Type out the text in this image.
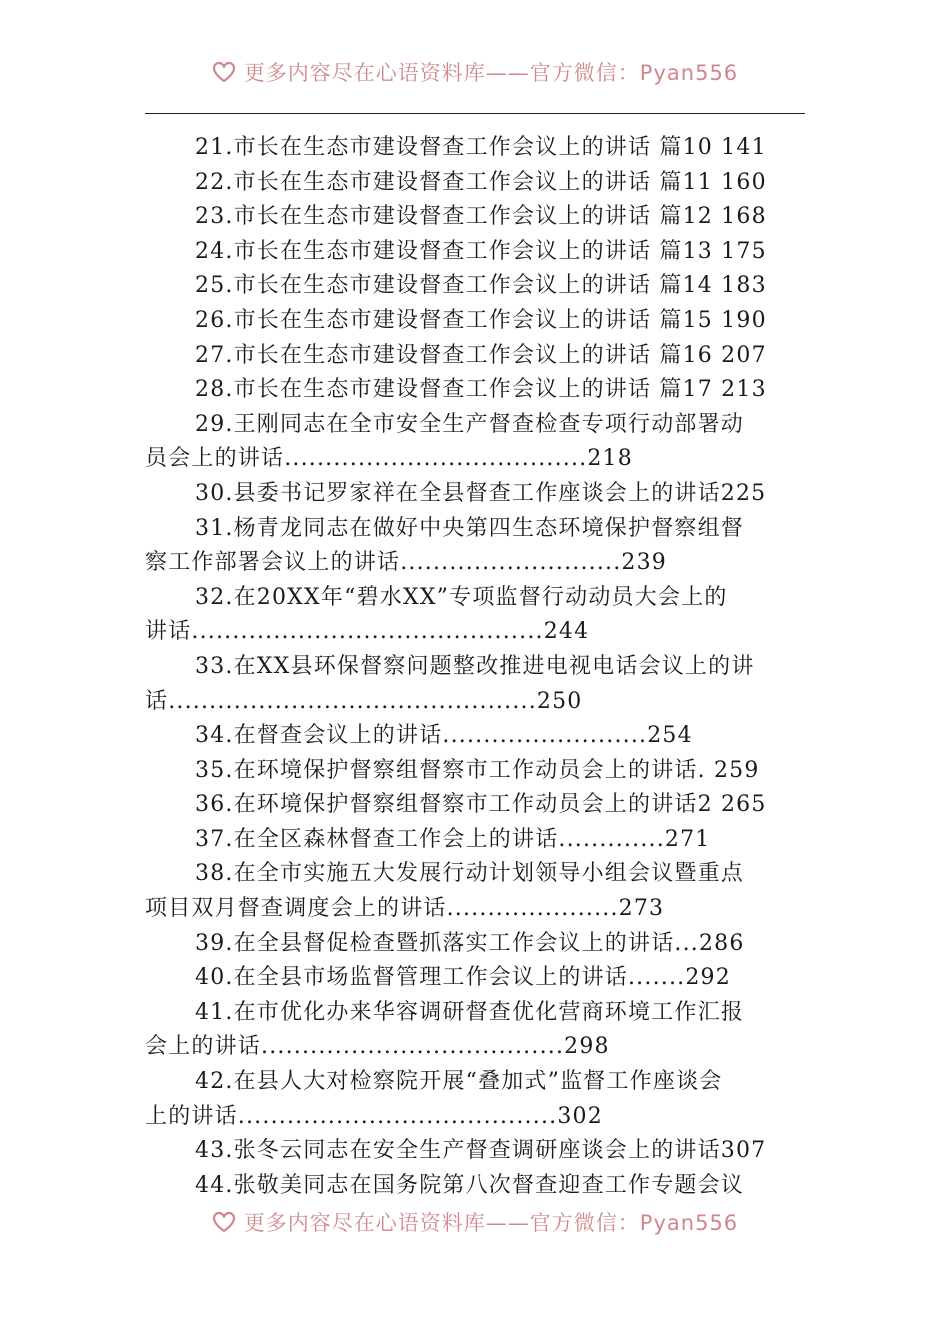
更多内容尽在心语资料库——官方微信：Pyan556
21.市长在生态市建设督查工作会议上的讲话 篇10 141
22.市长在生态市建设督查工作会议上的讲话 篇11 160
23.市长在生态市建设督查工作会议上的讲话 篇12 168
24.市长在生态市建设督查工作会议上的讲话 篇13 175
25.市长在生态市建设督查工作会议上的讲话 篇14 183
26.市长在生态市建设督查工作会议上的讲话 篇15 190
27.市长在生态市建设督查工作会议上的讲话 篇16 207
28.市长在生态市建设督查工作会议上的讲话 篇17 213
29.王刚同志在全市安全生产督查检查专项行动部署动
员会上的讲话.....................................218
30.县委书记罗家祥在全县督查工作座谈会上的讲话225
31.杨青龙同志在做好中央第四生态环境保护督察组督
察工作部署会议上的讲话...........................239
32.在20XX年“碧水XX”专项监督行动动员大会上的
讲话...........................................244
33.在XX县环保督察问题整改推进电视电话会议上的讲
话.............................................250
34.在督查会议上的讲话.........................254
35.在环境保护督察组督察市工作动员会上的讲话. 259
36.在环境保护督察组督察市工作动员会上的讲话2 265
37.在全区森林督查工作会上的讲话.............271
38.在全市实施五大发展行动计划领导小组会议暨重点
项目双月督查调度会上的讲话.....................273
39.在全县督促检查暨抓落实工作会议上的讲话...286
40.在全县市场监督管理工作会议上的讲话.......292
41.在市优化办来华容调研督查优化营商环境工作汇报
会上的讲话.....................................298
42.在县人大对检察院开展“叠加式”监督工作座谈会
上的讲话.......................................302
43.张冬云同志在安全生产督查调研座谈会上的讲话307
44.张敬美同志在国务院第八次督查迎查工作专题会议
更多内容尽在心语资料库——官方微信：Pyan556
